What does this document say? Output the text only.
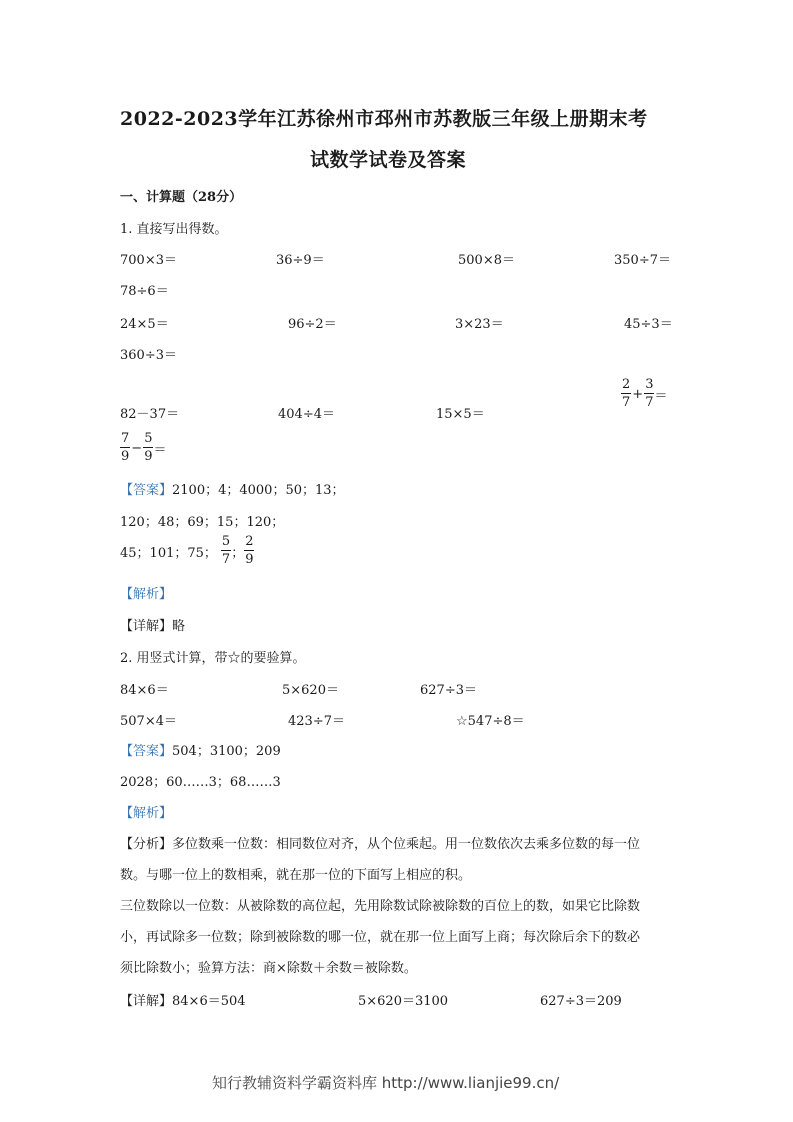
2022-2023学年江苏徐州市邳州市苏教版三年级上册期末考
试数学试卷及答案
一、计算题（28分）
1. 直接写出得数。
700×3＝	36÷9＝	500×8＝	350÷7＝
78÷6＝
24×5＝	96÷2＝	3×23＝	45÷3＝
360÷3＝
82－37＝	404÷4＝	15×5＝
$\frac{2}{7} + \frac{3}{7}$ ＝
$\frac{7}{9} - \frac{5}{9}$ ＝
【答案】2100；4；4000；50；13；
120；48；69；15；120；
45；101；75； $\frac{5}{7}$ ； $\frac{2}{9}$
【解析】
【详解】略
2. 用竖式计算，带☆的要验算。
84×6＝	5×620＝	627÷3＝
507×4＝	423÷7＝	☆547÷8＝
【答案】504；3100；209
2028；60……3；68……3
【解析】
【分析】多位数乘一位数：相同数位对齐，从个位乘起。用一位数依次去乘多位数的每一位
数。与哪一位上的数相乘，就在那一位的下面写上相应的积。
三位数除以一位数：从被除数的高位起，先用除数试除被除数的百位上的数，如果它比除数
小，再试除多一位数；除到被除数的哪一位，就在那一位上面写上商；每次除后余下的数必
须比除数小；验算方法：商×除数＋余数＝被除数。
【详解】84×6＝504	5×620＝3100	627÷3＝209
知行教辅资料学霸资料库 http://www.lianjie99.cn/
